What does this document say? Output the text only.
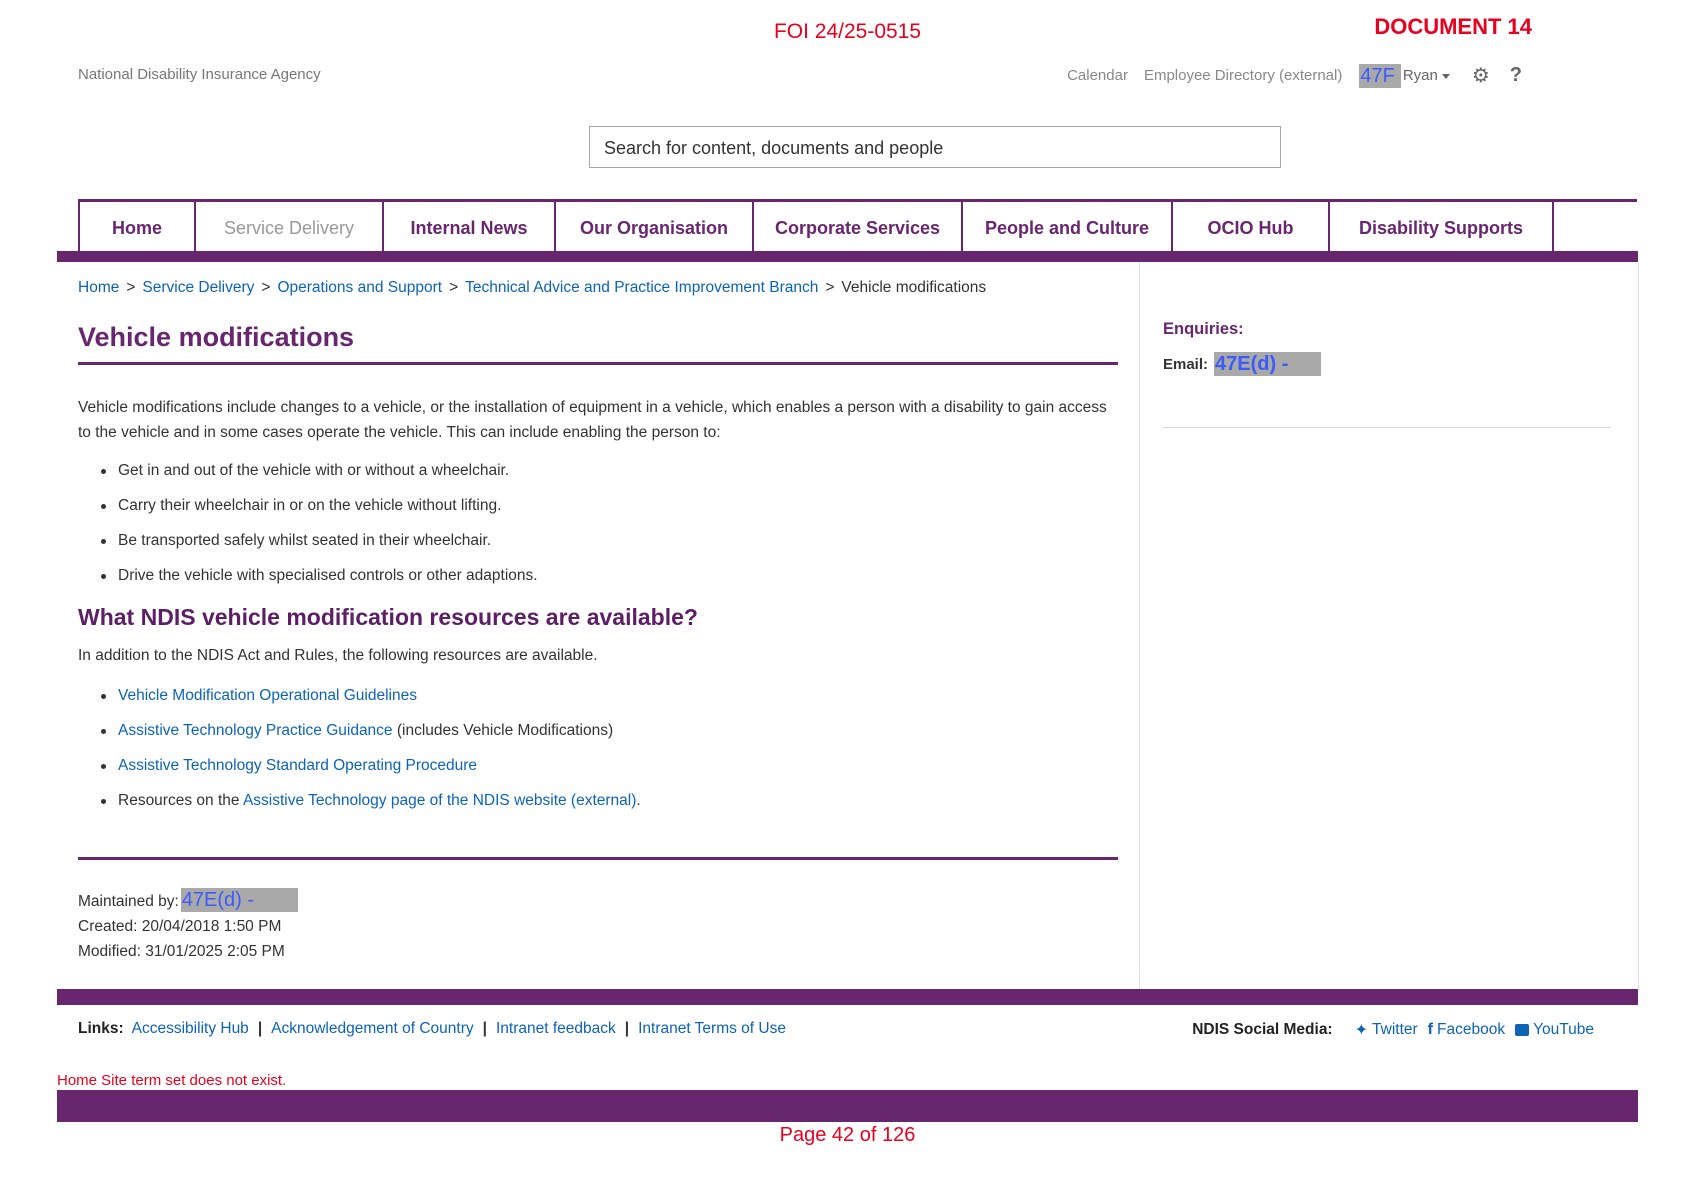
FOI 24/25-0515	DOCUMENT 14
National Disability Insurance Agency	Calendar Employee Directory (external) 47F Ryan	⚙ ?
Search for content, documents and people
Home	Service Delivery	Internal News	Our Organisation	Corporate Services	People and Culture	OCIO Hub	Disability Supports
Home > Service Delivery > Operations and Support > Technical Advice and Practice Improvement Branch > Vehicle modifications
Vehicle modifications
Vehicle modifications include changes to a vehicle, or the installation of equipment in a vehicle, which enables a person with a disability to gain access to the vehicle and in some cases operate the vehicle. This can include enabling the person to:
Get in and out of the vehicle with or without a wheelchair.
Carry their wheelchair in or on the vehicle without lifting.
Be transported safely whilst seated in their wheelchair.
Drive the vehicle with specialised controls or other adaptions.
What NDIS vehicle modification resources are available?
In addition to the NDIS Act and Rules, the following resources are available.
Vehicle Modification Operational Guidelines
Assistive Technology Practice Guidance (includes Vehicle Modifications)
Assistive Technology Standard Operating Procedure
Resources on the Assistive Technology page of the NDIS website (external).
Maintained by: 47E(d) -
Created: 20/04/2018 1:50 PM
Modified: 31/01/2025 2:05 PM
Enquiries:
Email: 47E(d) -
Links: Accessibility Hub | Acknowledgement of Country | Intranet feedback | Intranet Terms of Use	NDIS Social Media: ✦ Twitter f Facebook YouTube
Home Site term set does not exist.
Page 42 of 126
